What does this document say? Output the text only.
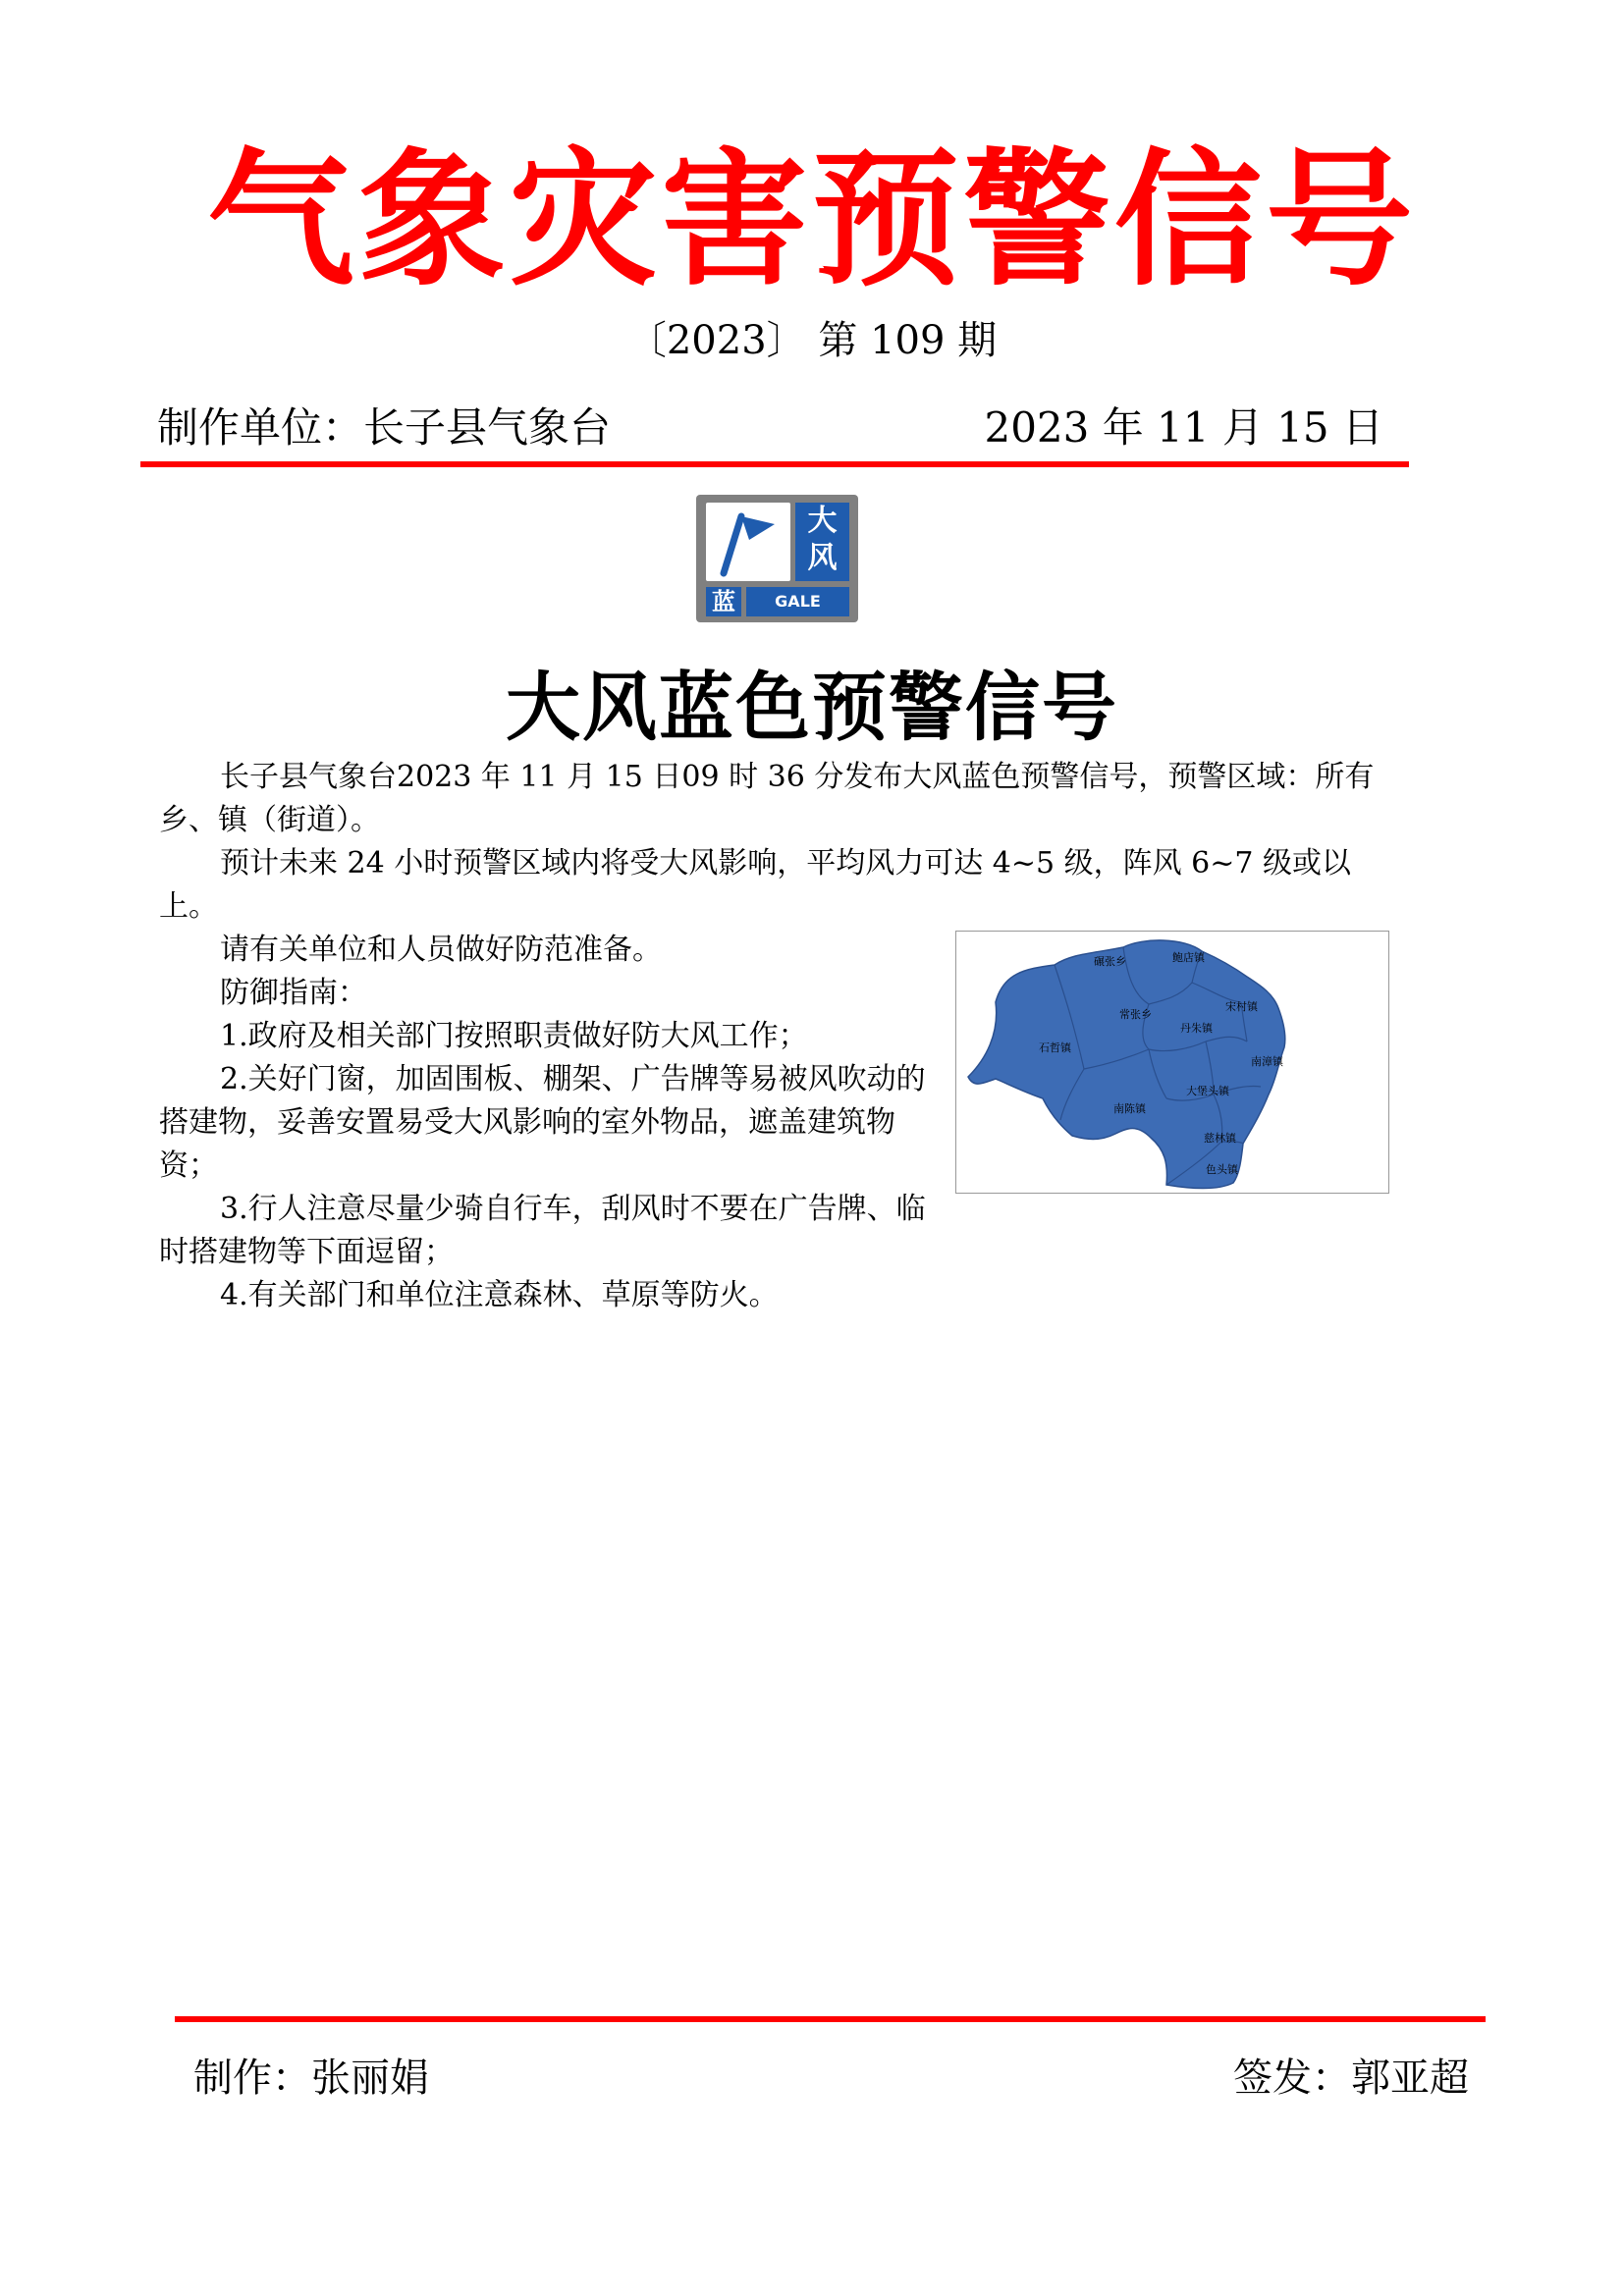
气象灾害预警信号
〔2023〕 第 109 期
制作单位：长子县气象台	2023 年 11 月 15 日
大
风
蓝	GALE
大风蓝色预警信号
长子县气象台2023 年 11 月 15 日09 时 36 分发布大风蓝色预警信号，预警区域：所有乡、镇（街道）。
预计未来 24 小时预警区域内将受大风影响，平均风力可达 4~5 级，阵风 6~7 级或以上。
请有关单位和人员做好防范准备。
防御指南：
1.政府及相关部门按照职责做好防大风工作；
2.关好门窗，加固围板、棚架、广告牌等易被风吹动的搭建物，妥善安置易受大风影响的室外物品，遮盖建筑物资；
3.行人注意尽量少骑自行车，刮风时不要在广告牌、临时搭建物等下面逗留；
4.有关部门和单位注意森林、草原等防火。
碾张乡	鲍店镇
常张乡
宋村镇
丹朱镇
石哲镇
南漳镇
大堡头镇
南陈镇
慈林镇
色头镇
制作：张丽娟	签发：郭亚超
